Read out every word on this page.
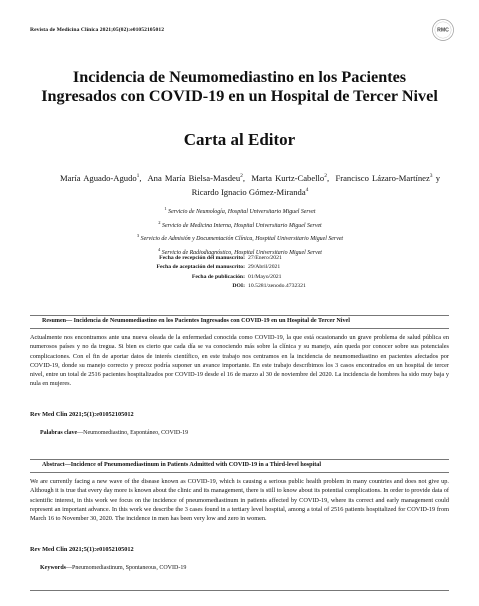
Revista de Medicina Clínica 2021;05(02):e01052105012	RMC
Incidencia de Neumomediastino en los Pacientes
Ingresados con COVID-19 en un Hospital de Tercer Nivel
Carta al Editor
María Aguado-Agudo$^1$, Ana María Bielsa-Masdeu$^2$, Marta Kurtz-Cabello$^2$, Francisco Lázaro-Martínez$^3$ y Ricardo Ignacio Gómez-Miranda$^4$
$^1$ Servicio de Neumología, Hospital Universitario Miguel Servet
$^2$ Servicio de Medicina Interna, Hospital Universitario Miguel Servet
$^3$ Servicio de Admisión y Documentación Clínica, Hospital Universitario Miguel Servet
$^4$ Servicio de Radiodiagnóstico, Hospital Universitario Miguel Servet
Fecha de recepción del manuscrito: 27/Enero/2021
Fecha de aceptación del manuscrito: 29/Abril/2021
Fecha de publicación: 01/Mayo/2021
DOI: 10.5281/zenodo.4732321
Resumen— Incidencia de Neumomediastino en los Pacientes Ingresados con COVID-19 en un Hospital de Tercer Nivel
Actualmente nos encontramos ante una nueva oleada de la enfermedad conocida como COVID-19, la que está ocasionando un grave problema de salud pública en numerosos países y no da tregua. Si bien es cierto que cada día se va conociendo más sobre la clínica y su manejo, aún queda por conocer sobre sus potenciales complicaciones. Con el fin de aportar datos de interés científico, en este trabajo nos centramos en la incidencia de neumomediastino en pacientes afectados por COVID-19, donde su manejo correcto y precoz podría suponer un avance importante. En este trabajo describimos los 3 casos encontrados en un hospital de tercer nivel, entre un total de 2516 pacientes hospitalizados por COVID-19 desde el 16 de marzo al 30 de noviembre del 2020. La incidencia de hombres ha sido muy baja y nula en mujeres.
Rev Med Clin 2021;5(1):e01052105012
Palabras clave—Neumomediastino, Espontáneo, COVID-19
Abstract—Incidence of Pneumomediastinum in Patients Admitted with COVID-19 in a Third-level hospital
We are currently facing a new wave of the disease known as COVID-19, which is causing a serious public health problem in many countries and does not give up. Although it is true that every day more is known about the clinic and its management, there is still to know about its potential complications. In order to provide data of scientific interest, in this work we focus on the incidence of pneumomediastinum in patients affected by COVID-19, where its correct and early management could represent an important advance. In this work we describe the 3 cases found in a tertiary level hospital, among a total of 2516 patients hospitalized for COVID-19 from March 16 to November 30, 2020. The incidence in men has been very low and zero in women.
Rev Med Clin 2021;5(1):e01052105012
Keywords—Pneumomediastinum, Spontaneous, COVID-19
